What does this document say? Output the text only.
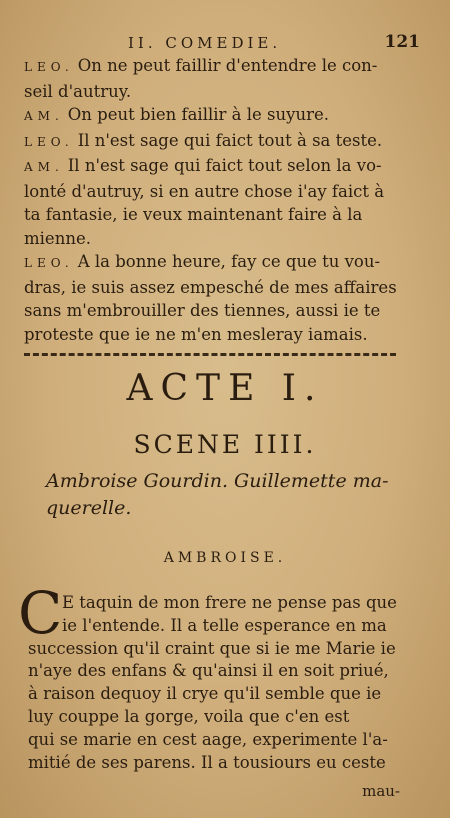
II. COMEDIE.	121
LEO. On ne peut faillir d'entendre le con-
seil d'autruy.
AM. On peut bien faillir à le suyure.
LEO. Il n'est sage qui faict tout à sa teste.
AM. Il n'est sage qui faict tout selon la vo-
lonté d'autruy, si en autre chose i'ay faict à
ta fantasie, ie veux maintenant faire à la
mienne.
LEO. A la bonne heure, fay ce que tu vou-
dras, ie suis assez empesché de mes affaires
sans m'embrouiller des tiennes, aussi ie te
proteste que ie ne m'en mesleray iamais.
ACTE I.
SCENE IIII.
Ambroise Gourdin. Guillemette ma-
querelle.
AMBROISE.
C E taquin de mon frere ne pense pas que
ie l'entende. Il a telle esperance en ma
succession qu'il craint que si ie me Marie ie
n'aye des enfans & qu'ainsi il en soit priué,
à raison dequoy il crye qu'il semble que ie
luy couppe la gorge, voila que c'en est
qui se marie en cest aage, experimente l'a-
mitié de ses parens. Il a tousiours eu ceste
mau-
